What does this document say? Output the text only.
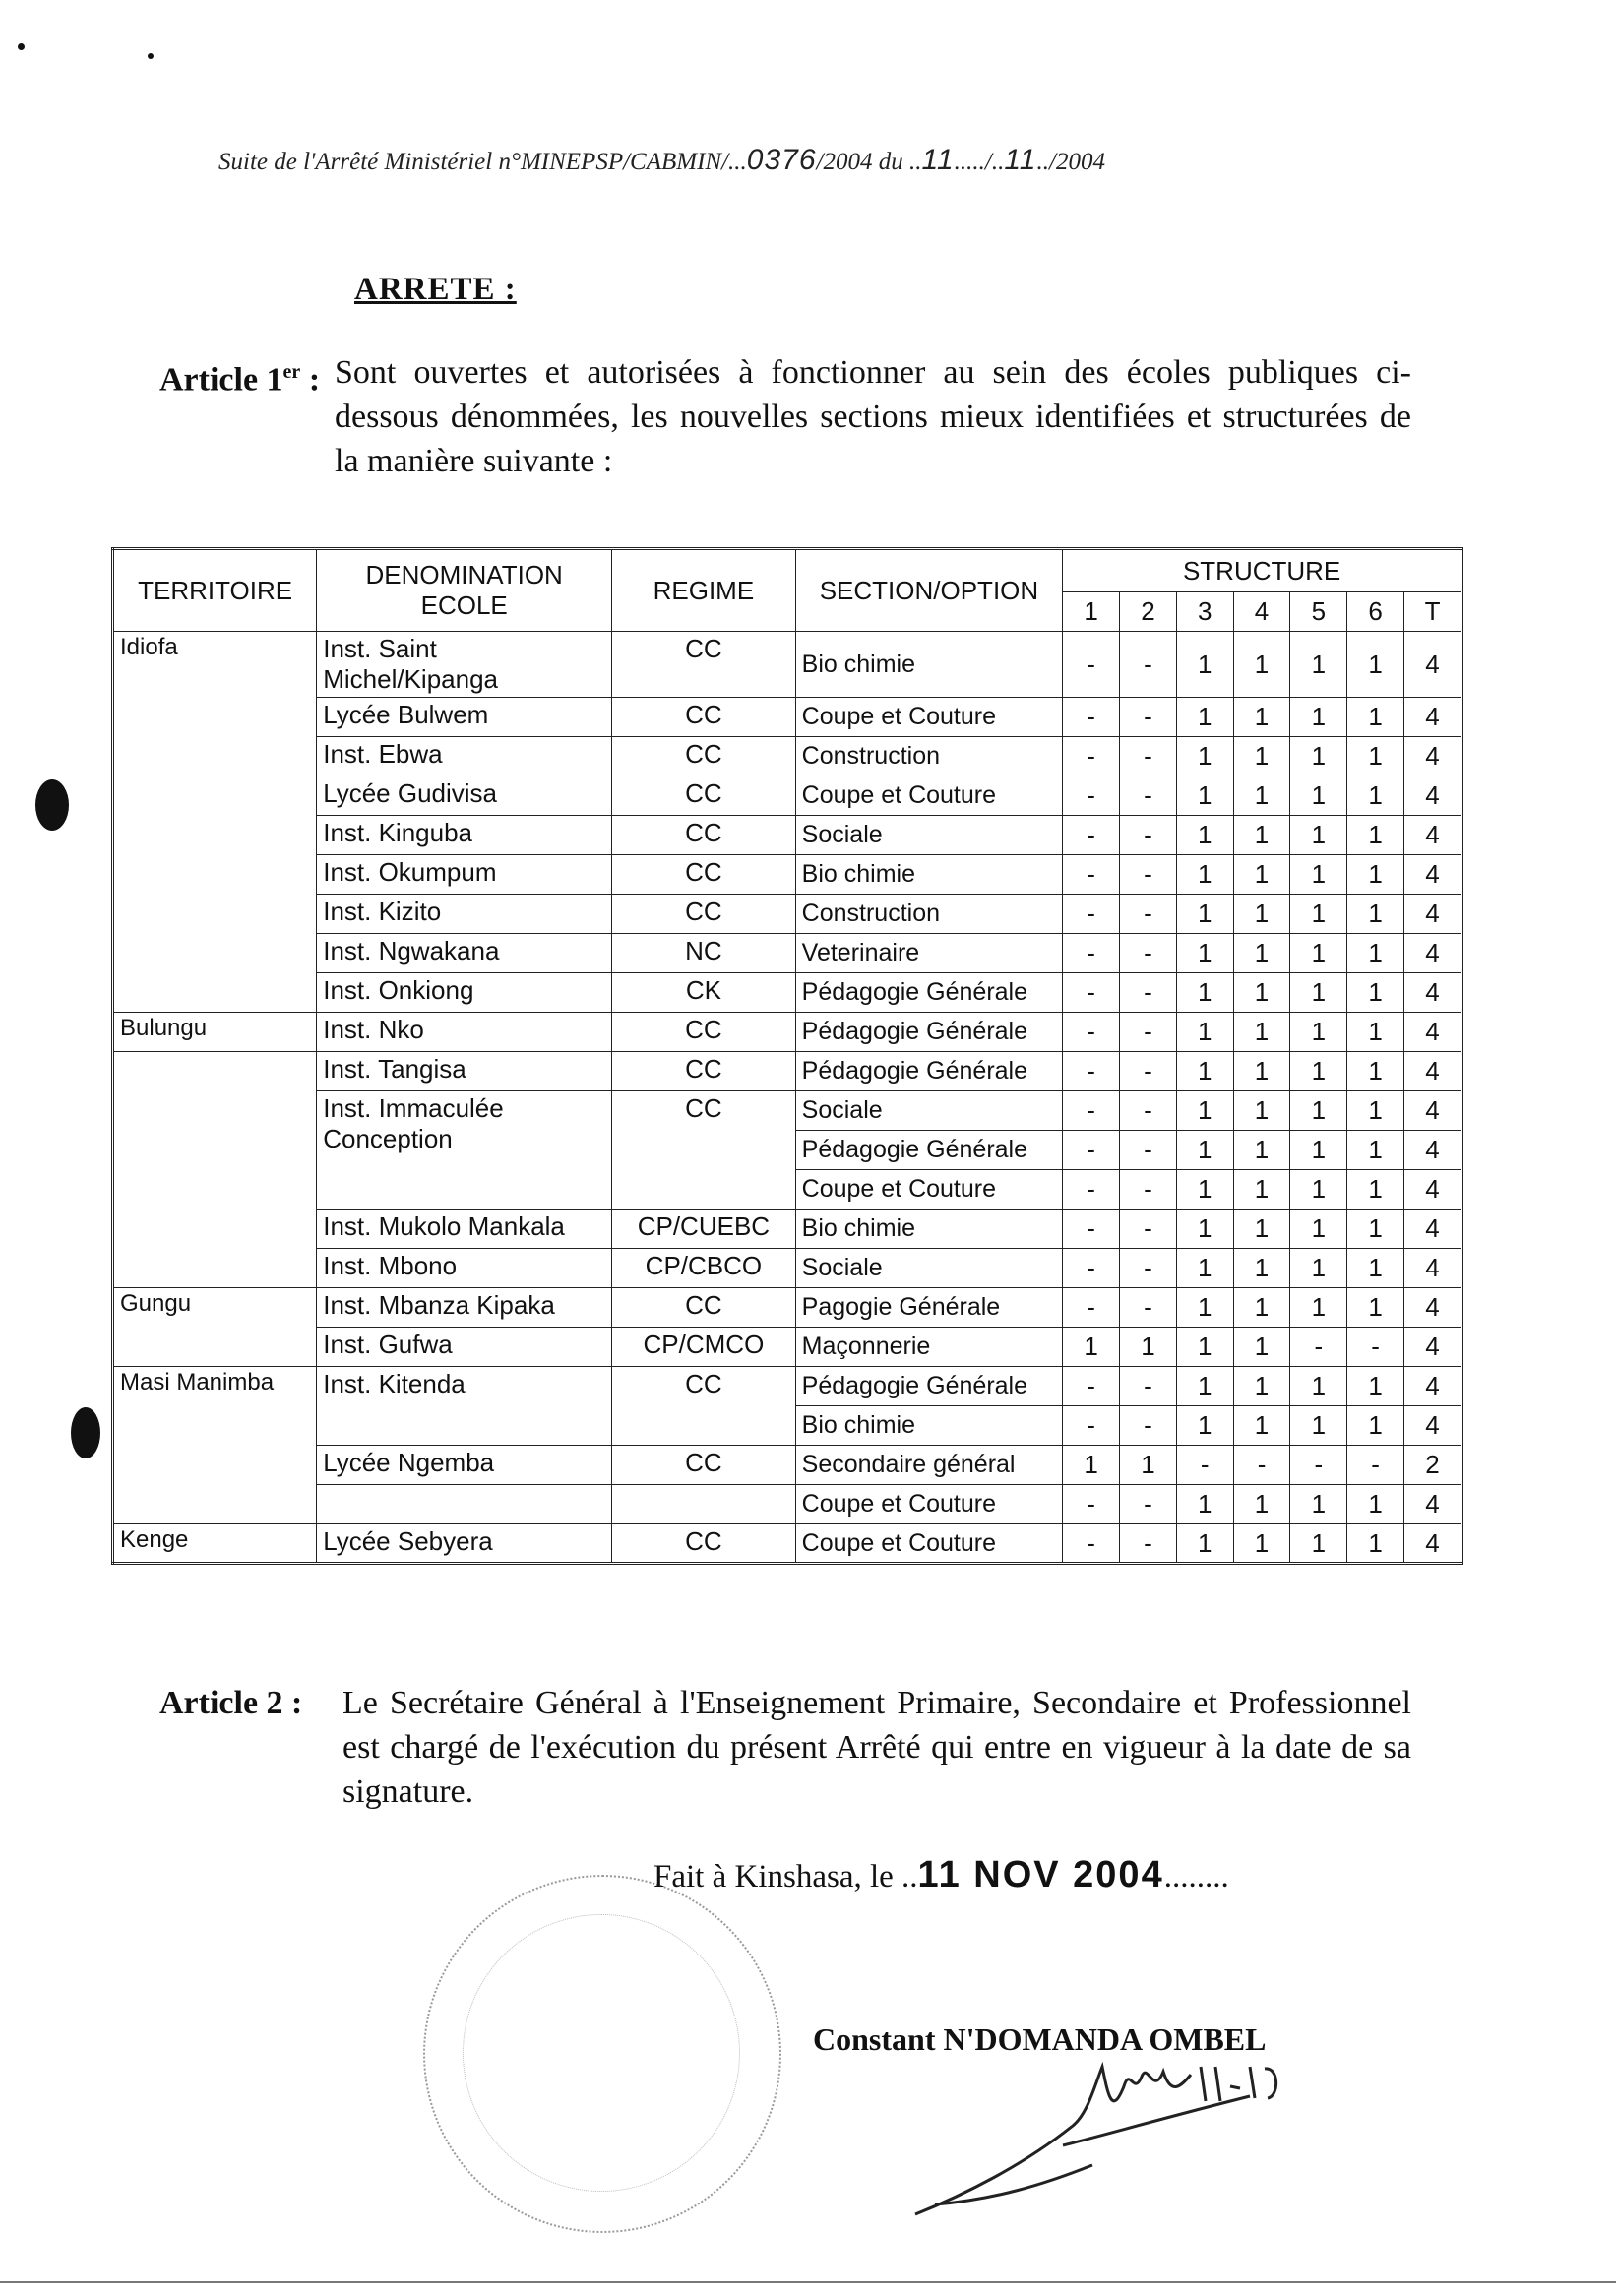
Suite de l'Arrêté Ministériel n°MINEPSP/CABMIN/...0376/2004 du ..11...../..11../2004
ARRETE :
Article 1er : Sont ouvertes et autorisées à fonctionner au sein des écoles publiques ci-dessous dénommées, les nouvelles sections mieux identifiées et structurées de la manière suivante :
TERRITOIRE	DENOMINATION ECOLE	REGIME	SECTION/OPTION	STRUCTURE						
				1	2	3	4	5	6	T
Idiofa	Inst. Saint Michel/Kipanga	CC	Bio chimie	-	-	1	1	1	1	4
	Lycée Bulwem	CC	Coupe et Couture	-	-	1	1	1	1	4
	Inst. Ebwa	CC	Construction	-	-	1	1	1	1	4
	Lycée Gudivisa	CC	Coupe et Couture	-	-	1	1	1	1	4
	Inst. Kinguba	CC	Sociale	-	-	1	1	1	1	4
	Inst. Okumpum	CC	Bio chimie	-	-	1	1	1	1	4
	Inst. Kizito	CC	Construction	-	-	1	1	1	1	4
	Inst. Ngwakana	NC	Veterinaire	-	-	1	1	1	1	4
	Inst. Onkiong	CK	Pédagogie Générale	-	-	1	1	1	1	4
Bulungu	Inst. Nko	CC	Pédagogie Générale	-	-	1	1	1	1	4
	Inst. Tangisa	CC	Pédagogie Générale	-	-	1	1	1	1	4
	Inst. Immaculée Conception	CC	Sociale	-	-	1	1	1	1	4
			Pédagogie Générale	-	-	1	1	1	1	4
			Coupe et Couture	-	-	1	1	1	1	4
	Inst. Mukolo Mankala	CP/CUEBC	Bio chimie	-	-	1	1	1	1	4
	Inst. Mbono	CP/CBCO	Sociale	-	-	1	1	1	1	4
Gungu	Inst. Mbanza Kipaka	CC	Pagogie Générale	-	-	1	1	1	1	4
	Inst. Gufwa	CP/CMCO	Maçonnerie	1	1	1	1	-	-	4
Masi Manimba	Inst. Kitenda	CC	Pédagogie Générale	-	-	1	1	1	1	4
			Bio chimie	-	-	1	1	1	1	4
	Lycée Ngemba	CC	Secondaire général	1	1	-	-	-	-	2
			Coupe et Couture	-	-	1	1	1	1	4
Kenge	Lycée Sebyera	CC	Coupe et Couture	-	-	1	1	1	1	4
Article 2 : Le Secrétaire Général à l'Enseignement Primaire, Secondaire et Professionnel est chargé de l'exécution du présent Arrêté qui entre en vigueur à la date de sa signature.
Fait à Kinshasa, le ..11 NOV 2004........
Constant N'DOMANDA OMBEL
